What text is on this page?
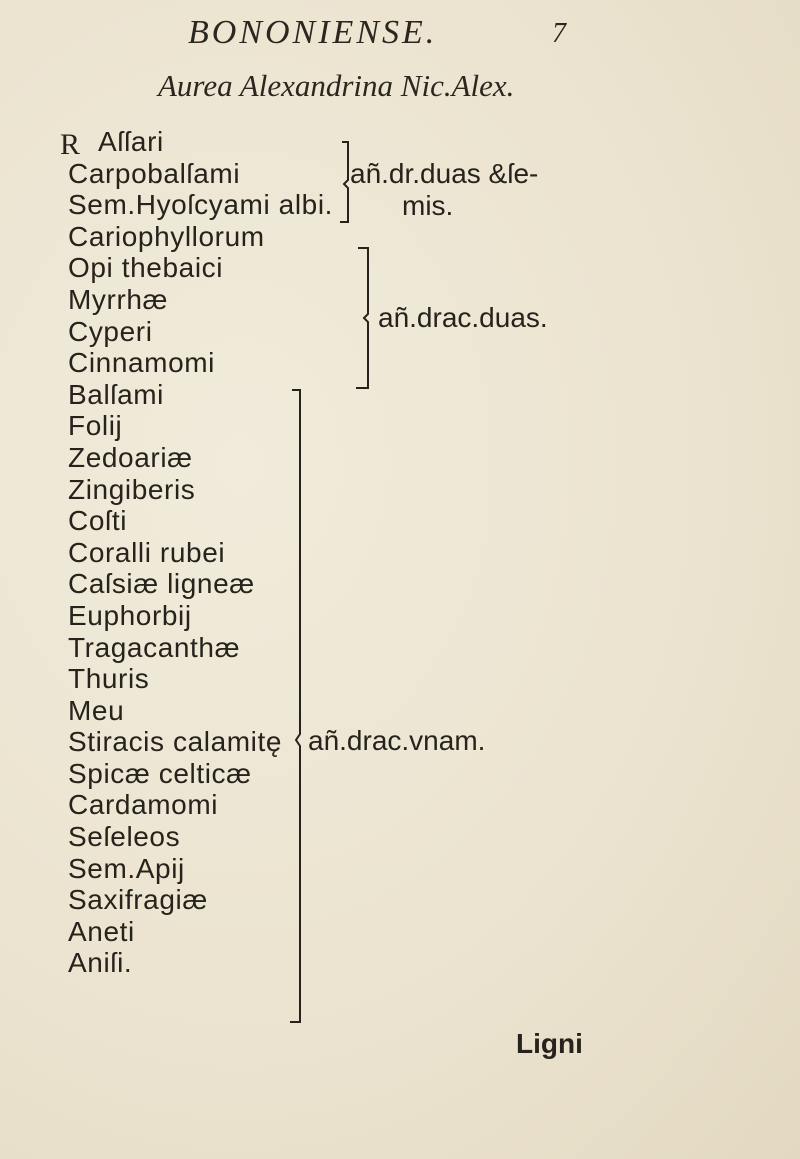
BONONIENSE.	7
Aurea Alexandrina Nic.Alex.
R Aſſari
Carpobalſami
Sem.Hyoſcyami albi.
Cariophyllorum
Opi thebaici
Myrrhæ
Cyperi
Cinnamomi
Balſami
Folij
Zedoariæ
Zingiberis
Coſti
Coralli rubei
Caſsiæ ligneæ
Euphorbij
Tragacanthæ
Thuris
Meu
Stiracis calamitę
Spicæ celticæ
Cardamomi
Seſeleos
Sem.Apij
Saxifragiæ
Aneti
Aniſi.
añ.dr.duas &ſe-
mis.
añ.drac.duas.
añ.drac.vnam.
Ligni
